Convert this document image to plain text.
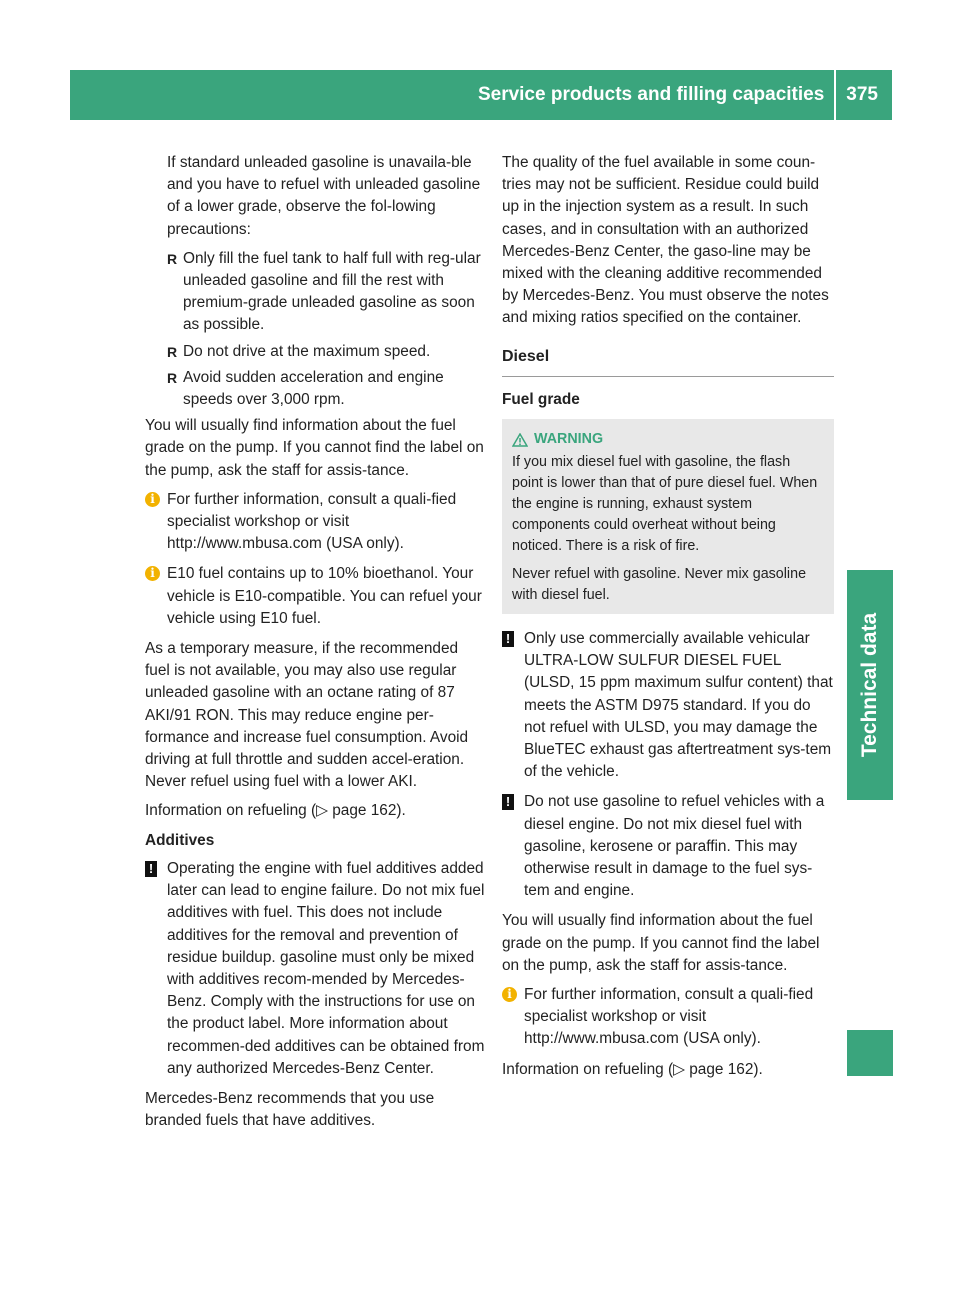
Service products and filling capacities	375
Technical data

If standard unleaded gasoline is unavaila-ble and you have to refuel with unleaded gasoline of a lower grade, observe the fol-lowing precautions:

R Only fill the fuel tank to half full with reg-ular unleaded gasoline and fill the rest with premium-grade unleaded gasoline as soon as possible.
R Do not drive at the maximum speed.
R Avoid sudden acceleration and engine speeds over 3,000 rpm.

You will usually find information about the fuel grade on the pump. If you cannot find the label on the pump, ask the staff for assis-tance.

i For further information, consult a quali-fied specialist workshop or visit http://www.mbusa.com (USA only).
i E10 fuel contains up to 10% bioethanol. Your vehicle is E10-compatible. You can refuel your vehicle using E10 fuel.

As a temporary measure, if the recommended fuel is not available, you may also use regular unleaded gasoline with an octane rating of 87 AKI/91 RON. This may reduce engine per-formance and increase fuel consumption. Avoid driving at full throttle and sudden accel-eration. Never refuel using fuel with a lower AKI.

Information on refueling (▷ page 162).

Additives
! Operating the engine with fuel additives added later can lead to engine failure. Do not mix fuel additives with fuel. This does not include additives for the removal and prevention of residue buildup. gasoline must only be mixed with additives recom-mended by Mercedes-Benz. Comply with the instructions for use on the product label. More information about recommen-ded additives can be obtained from any authorized Mercedes-Benz Center.

Mercedes-Benz recommends that you use branded fuels that have additives.

The quality of the fuel available in some coun-tries may not be sufficient. Residue could build up in the injection system as a result. In such cases, and in consultation with an authorized Mercedes-Benz Center, the gaso-line may be mixed with the cleaning additive recommended by Mercedes-Benz. You must observe the notes and mixing ratios specified on the container.

Diesel
Fuel grade
WARNING

If you mix diesel fuel with gasoline, the flash point is lower than that of pure diesel fuel. When the engine is running, exhaust system components could overheat without being noticed. There is a risk of fire.

Never refuel with gasoline. Never mix gasoline with diesel fuel.

! Only use commercially available vehicular ULTRA-LOW SULFUR DIESEL FUEL (ULSD, 15 ppm maximum sulfur content) that meets the ASTM D975 standard. If you do not refuel with ULSD, you may damage the BlueTEC exhaust gas aftertreatment sys-tem of the vehicle.
! Do not use gasoline to refuel vehicles with a diesel engine. Do not mix diesel fuel with gasoline, kerosene or paraffin. This may otherwise result in damage to the fuel sys-tem and engine.

You will usually find information about the fuel grade on the pump. If you cannot find the label on the pump, ask the staff for assis-tance.

i For further information, consult a quali-fied specialist workshop or visit http://www.mbusa.com (USA only).

Information on refueling (▷ page 162).
